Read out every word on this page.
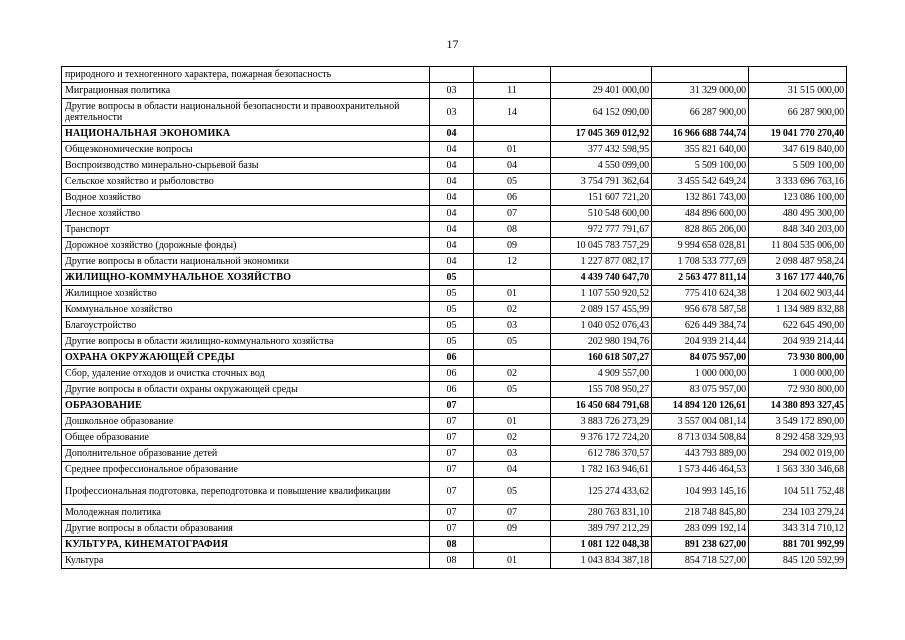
17
природного и техногенного характера, пожарная безопасность					
Миграционная политика	03	11	29 401 000,00	31 329 000,00	31 515 000,00
Другие вопросы в области национальной безопасности и правоохранительной деятельности	03	14	64 152 090,00	66 287 900,00	66 287 900,00
НАЦИОНАЛЬНАЯ ЭКОНОМИКА	04		17 045 369 012,92	16 966 688 744,74	19 041 770 270,40
Общеэкономические вопросы	04	01	377 432 598,95	355 821 640,00	347 619 840,00
Воспроизводство минерально-сырьевой базы	04	04	4 550 099,00	5 509 100,00	5 509 100,00
Сельское хозяйство и рыболовство	04	05	3 754 791 362,64	3 455 542 649,24	3 333 696 763,16
Водное хозяйство	04	06	151 607 721,20	132 861 743,00	123 086 100,00
Лесное хозяйство	04	07	510 548 600,00	484 896 600,00	480 495 300,00
Транспорт	04	08	972 777 791,67	828 865 206,00	848 340 203,00
Дорожное хозяйство (дорожные фонды)	04	09	10 045 783 757,29	9 994 658 028,81	11 804 535 006,00
Другие вопросы в области национальной экономики	04	12	1 227 877 082,17	1 708 533 777,69	2 098 487 958,24
ЖИЛИЩНО-КОММУНАЛЬНОЕ ХОЗЯЙСТВО	05		4 439 740 647,70	2 563 477 811,14	3 167 177 440,76
Жилищное хозяйство	05	01	1 107 550 920,52	775 410 624,38	1 204 602 903,44
Коммунальное хозяйство	05	02	2 089 157 455,99	956 678 587,58	1 134 989 832,88
Благоустройство	05	03	1 040 052 076,43	626 449 384,74	622 645 490,00
Другие вопросы в области жилищно-коммунального хозяйства	05	05	202 980 194,76	204 939 214,44	204 939 214,44
ОХРАНА ОКРУЖАЮЩЕЙ СРЕДЫ	06		160 618 507,27	84 075 957,00	73 930 800,00
Сбор, удаление отходов и очистка сточных вод	06	02	4 909 557,00	1 000 000,00	1 000 000,00
Другие вопросы в области охраны окружающей среды	06	05	155 708 950,27	83 075 957,00	72 930 800,00
ОБРАЗОВАНИЕ	07		16 450 684 791,68	14 894 120 126,61	14 380 893 327,45
Дошкольное образование	07	01	3 883 726 273,29	3 557 004 081,14	3 549 172 890,00
Общее образование	07	02	9 376 172 724,20	8 713 034 508,84	8 292 458 329,93
Дополнительное образование детей	07	03	612 786 370,57	443 793 889,00	294 002 019,00
Среднее профессиональное образование	07	04	1 782 163 946,61	1 573 446 464,53	1 563 330 346,68
Профессиональная подготовка, переподготовка и повышение квалификации	07	05	125 274 433,62	104 993 145,16	104 511 752,48
Молодежная политика	07	07	280 763 831,10	218 748 845,80	234 103 279,24
Другие вопросы в области образования	07	09	389 797 212,29	283 099 192,14	343 314 710,12
КУЛЬТУРА, КИНЕМАТОГРАФИЯ	08		1 081 122 048,38	891 238 627,00	881 701 992,99
Культура	08	01	1 043 834 387,18	854 718 527,00	845 120 592,99
